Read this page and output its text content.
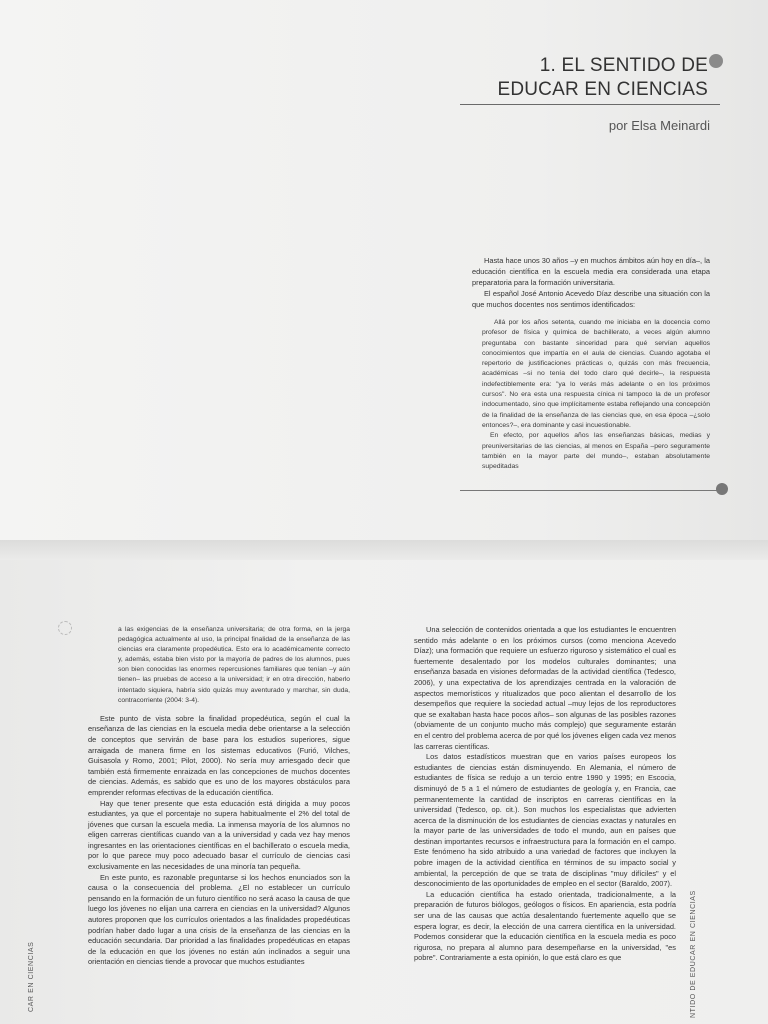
1. EL SENTIDO DE
EDUCAR EN CIENCIAS
por Elsa Meinardi

Hasta hace unos 30 años –y en muchos ámbitos aún hoy en día–, la educación científica en la escuela media era considerada una etapa preparatoria para la formación universitaria.

El español José Antonio Acevedo Díaz describe una situación con la que muchos docentes nos sentimos identificados:

Allá por los años setenta, cuando me iniciaba en la docencia como profesor de física y química de bachillerato, a veces algún alumno preguntaba con bastante sinceridad para qué servían aquellos conocimientos que impartía en el aula de ciencias. Cuando agotaba el repertorio de justificaciones prácticas o, quizás con más frecuencia, académicas –si no tenía del todo claro qué decirle–, la respuesta indefectiblemente era: "ya lo verás más adelante o en los próximos cursos". No era esta una respuesta cínica ni tampoco la de un profesor indocumentado, sino que implícitamente estaba reflejando una concepción de la finalidad de la enseñanza de las ciencias que, en esa época –¿solo entonces?–, era dominante y casi incuestionable.

En efecto, por aquellos años las enseñanzas básicas, medias y preuniversitarias de las ciencias, al menos en España –pero seguramente también en la mayor parte del mundo–, estaban absolutamente supeditadas

a las exigencias de la enseñanza universitaria; de otra forma, en la jerga pedagógica actualmente al uso, la principal finalidad de la enseñanza de las ciencias era claramente propedéutica. Esto era lo académicamente correcto y, además, estaba bien visto por la mayoría de padres de los alumnos, pues son bien conocidas las enormes repercusiones familiares que tenían –y aún tienen– las pruebas de acceso a la universidad; ir en otra dirección, haberlo intentado siquiera, habría sido quizás muy aventurado y marchar, sin duda, contracorriente (2004: 3-4).

Este punto de vista sobre la finalidad propedéutica, según el cual la enseñanza de las ciencias en la escuela media debe orientarse a la selección de conceptos que servirán de base para los estudios superiores, sigue arraigada de manera firme en los sistemas educativos (Furió, Vilches, Guisasola y Romo, 2001; Pilot, 2000). No sería muy arriesgado decir que también está firmemente enraizada en las concepciones de muchos docentes de ciencias. Además, es sabido que es uno de los mayores obstáculos para emprender reformas efectivas de la educación científica.

Hay que tener presente que esta educación está dirigida a muy pocos estudiantes, ya que el porcentaje no supera habitualmente el 2% del total de jóvenes que cursan la escuela media. La inmensa mayoría de los alumnos no eligen carreras científicas cuando van a la universidad y cada vez hay menos ingresantes en las orientaciones científicas en el bachillerato o escuela media, por lo que parece muy poco adecuado basar el currículo de ciencias casi exclusivamente en las necesidades de una minoría tan pequeña.

En este punto, es razonable preguntarse si los hechos enunciados son la causa o la consecuencia del problema. ¿El no establecer un currículo pensando en la formación de un futuro científico no será acaso la causa de que luego los jóvenes no elijan una carrera en ciencias en la universidad? Algunos autores proponen que los currículos orientados a las finalidades propedéuticas podrían haber dado lugar a una crisis de la enseñanza de las ciencias en la educación secundaria. Dar prioridad a las finalidades propedéuticas en etapas de la educación en que los jóvenes no están aún inclinados a seguir una orientación en ciencias tiende a provocar que muchos estudiantes

Una selección de contenidos orientada a que los estudiantes le encuentren sentido más adelante o en los próximos cursos (como menciona Acevedo Díaz); una formación que requiere un esfuerzo riguroso y sistemático el cual es fuertemente desalentado por los modelos culturales dominantes; una enseñanza basada en visiones deformadas de la actividad científica (Tedesco, 2006), y una expectativa de los aprendizajes centrada en la valoración de aspectos memorísticos y ritualizados que poco alientan el desarrollo de los desempeños que requiere la sociedad actual –muy lejos de los reproductores que se exaltaban hasta hace pocos años– son algunas de las posibles razones (obviamente de un conjunto mucho más complejo) que seguramente estarán en el centro del problema acerca de por qué los jóvenes eligen cada vez menos las carreras científicas.

Los datos estadísticos muestran que en varios países europeos los estudiantes de ciencias están disminuyendo. En Alemania, el número de estudiantes de física se redujo a un tercio entre 1990 y 1995; en Escocia, disminuyó de 5 a 1 el número de estudiantes de geología y, en Francia, cae permanentemente la cantidad de inscriptos en carreras científicas en la universidad (Tedesco, op. cit.). Son muchos los especialistas que advierten acerca de la disminución de los estudiantes de ciencias exactas y naturales en la mayor parte de las universidades de todo el mundo, aun en países que destinan importantes recursos e infraestructura para la formación en el campo. Este fenómeno ha sido atribuido a una variedad de factores que incluyen la pobre imagen de la actividad científica en términos de su impacto social y ambiental, la percepción de que se trata de disciplinas "muy difíciles" y el desconocimiento de las oportunidades de empleo en el sector (Baraldo, 2007).

La educación científica ha estado orientada, tradicionalmente, a la preparación de futuros biólogos, geólogos o físicos. En apariencia, esta podría ser una de las causas que actúa desalentando fuertemente aquello que se espera lograr, es decir, la elección de una carrera científica en la universidad. Podemos considerar que la educación científica en la escuela media es poco rigurosa, no prepara al alumno para desempeñarse en la universidad, "es pobre". Contrariamente a esta opinión, lo que está claro es que

CAR EN CIENCIAS	NTIDO DE EDUCAR EN CIENCIAS
